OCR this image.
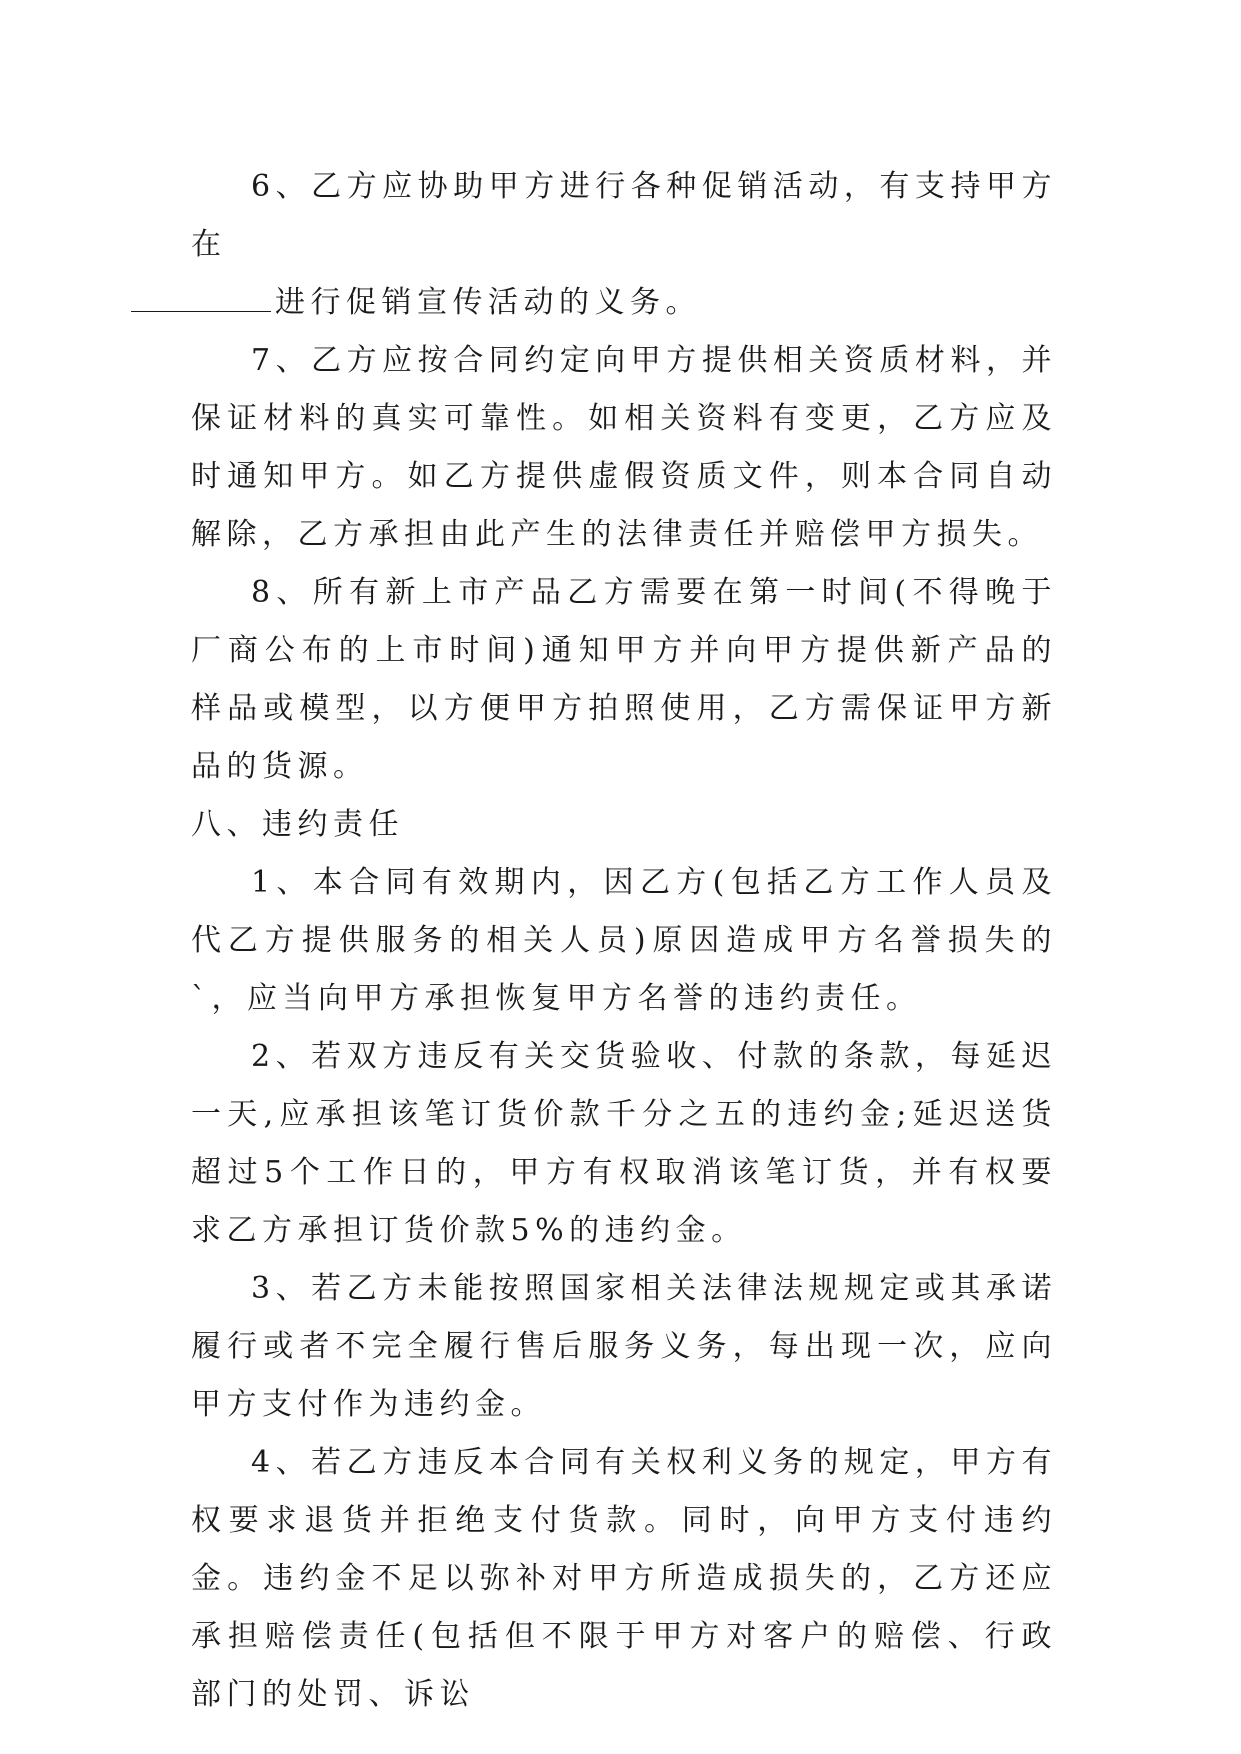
6、乙方应协助甲方进行各种促销活动，有支持甲方在
进行促销宣传活动的义务。

7、乙方应按合同约定向甲方提供相关资质材料，并保证材料的真实可靠性。如相关资料有变更，乙方应及时通知甲方。如乙方提供虚假资质文件，则本合同自动解除，乙方承担由此产生的法律责任并赔偿甲方损失。

8、所有新上市产品乙方需要在第一时间(不得晚于厂商公布的上市时间)通知甲方并向甲方提供新产品的样品或模型，以方便甲方拍照使用，乙方需保证甲方新品的货源。

八、违约责任

1、本合同有效期内，因乙方(包括乙方工作人员及代乙方提供服务的相关人员)原因造成甲方名誉损失的`，应当向甲方承担恢复甲方名誉的违约责任。

2、若双方违反有关交货验收、付款的条款，每延迟一天,应承担该笔订货价款千分之五的违约金;延迟送货超过5个工作日的，甲方有权取消该笔订货，并有权要求乙方承担订货价款5%的违约金。

3、若乙方未能按照国家相关法律法规规定或其承诺履行或者不完全履行售后服务义务，每出现一次，应向甲方支付作为违约金。

4、若乙方违反本合同有关权利义务的规定，甲方有权要求退货并拒绝支付货款。同时，向甲方支付违约金。违约金不足以弥补对甲方所造成损失的，乙方还应承担赔偿责任(包括但不限于甲方对客户的赔偿、行政部门的处罚、诉讼
